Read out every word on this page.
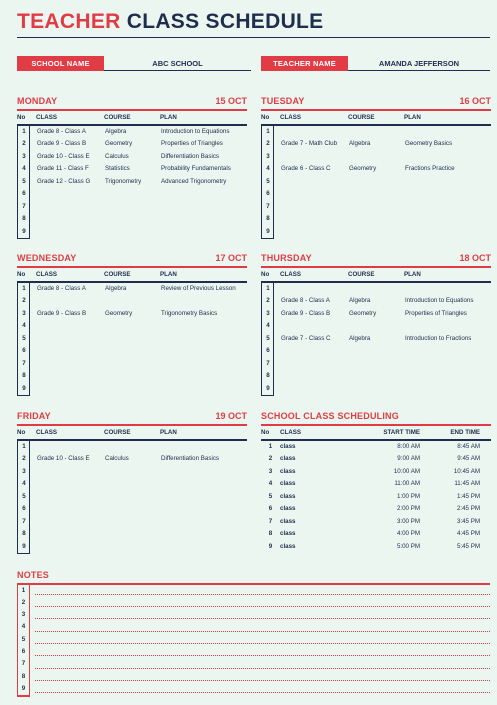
TEACHER CLASS SCHEDULE
SCHOOL NAME	ABC SCHOOL	TEACHER NAME	AMANDA JEFFERSON
MONDAY	15 OCT
No	CLASS	COURSE	PLAN
1	Grade 8 - Class A	Algebra	Introduction to Equations
2	Grade 9 - Class B	Geometry	Properties of Triangles
3	Grade 10 - Class E	Calculus	Differentiation Basics
4	Grade 11 - Class F	Statistics	Probability Fundamentals
5	Grade 12 - Class G	Trigonometry	Advanced Trigonometry
6
7
8
9
TUESDAY	16 OCT
No	CLASS	COURSE	PLAN
1
2	Grade 7 - Math Club	Algebra	Geometry Basics
3
4	Grade 6 - Class C	Geometry	Fractions Practice
5
6
7
8
9
WEDNESDAY	17 OCT
No	CLASS	COURSE	PLAN
1	Grade 8 - Class A	Algebra	Review of Previous Lesson
2
3	Grade 9 - Class B	Geometry	Trigonometry Basics
4
5
6
7
8
9
THURSDAY	18 OCT
No	CLASS	COURSE	PLAN
1
2	Grade 8 - Class A	Algebra	Introduction to Equations
3	Grade 9 - Class B	Geometry	Properties of Triangles
4
5	Grade 7 - Class C	Algebra	Introduction to Fractions
6
7
8
9
FRIDAY	19 OCT
No	CLASS	COURSE	PLAN
1
2	Grade 10 - Class E	Calculus	Differentiation Basics
3
4
5
6
7
8
9
SCHOOL CLASS SCHEDULING
No	CLASS	START TIME	END TIME
1	class	8:00 AM	8:45 AM
2	class	9:00 AM	9:45 AM
3	class	10:00 AM	10:45 AM
4	class	11:00 AM	11:45 AM
5	class	1:00 PM	1:45 PM
6	class	2:00 PM	2:45 PM
7	class	3:00 PM	3:45 PM
8	class	4:00 PM	4:45 PM
9	class	5:00 PM	5:45 PM
NOTES
1
2
3
4
5
6
7
8
9
